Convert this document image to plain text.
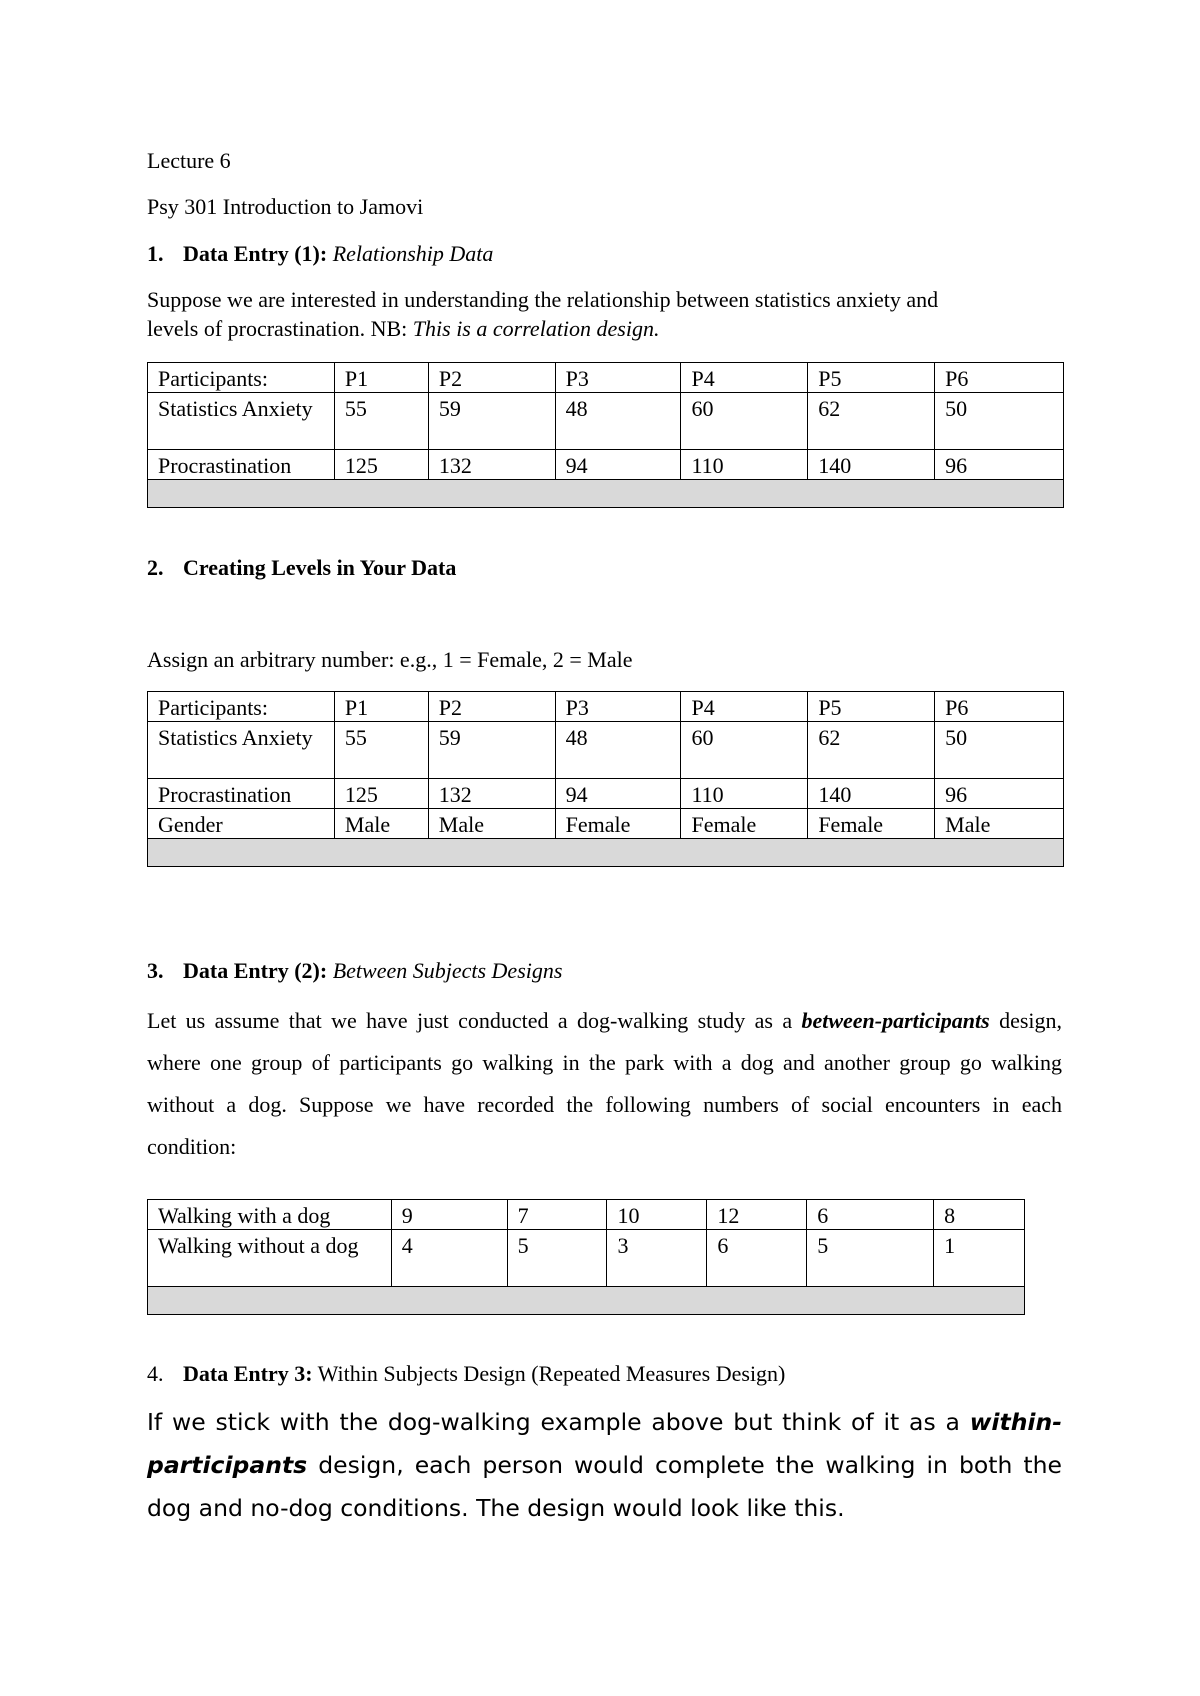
Lecture 6
Psy 301 Introduction to Jamovi
1. Data Entry (1): Relationship Data
Suppose we are interested in understanding the relationship between statistics anxiety and
levels of procrastination. NB: This is a correlation design.
Participants:	P1	P2	P3	P4	P5	P6
Statistics Anxiety	55	59	48	60	62	50
Procrastination	125	132	94	110	140	96

2. Creating Levels in Your Data
Assign an arbitrary number: e.g., 1 = Female, 2 = Male
Participants:	P1	P2	P3	P4	P5	P6
Statistics Anxiety	55	59	48	60	62	50
Procrastination	125	132	94	110	140	96
Gender	Male	Male	Female	Female	Female	Male

3. Data Entry (2): Between Subjects Designs
Let us assume that we have just conducted a dog-walking study as a between-participants design, where one group of participants go walking in the park with a dog and another group go walking without a dog. Suppose we have recorded the following numbers of social encounters in each condition:
Walking with a dog	9	7	10	12	6	8
Walking without a dog	4	5	3	6	5	1

4. Data Entry 3: Within Subjects Design (Repeated Measures Design)
If we stick with the dog-walking example above but think of it as a within-participants design, each person would complete the walking in both the dog and no-dog conditions. The design would look like this.
